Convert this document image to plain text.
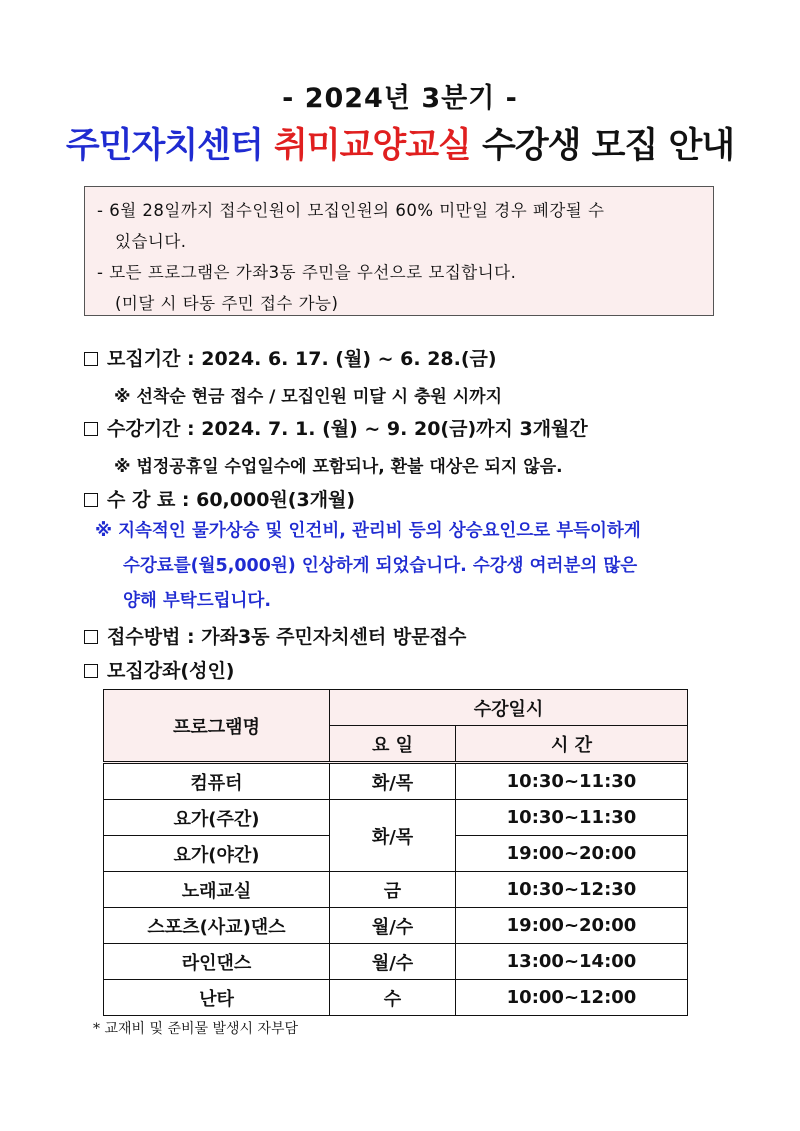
- 2024년 3분기 -
주민자치센터 취미교양교실 수강생 모집 안내
- 6월 28일까지 접수인원이 모집인원의 60% 미만일 경우 폐강될 수
있습니다.
- 모든 프로그램은 가좌3동 주민을 우선으로 모집합니다.
(미달 시 타동 주민 접수 가능)
모집기간 : 2024. 6. 17. (월) ~ 6. 28.(금)
※ 선착순 현금 접수 / 모집인원 미달 시 충원 시까지
수강기간 : 2024. 7. 1. (월) ~ 9. 20(금)까지 3개월간
※ 법정공휴일 수업일수에 포함되나, 환불 대상은 되지 않음.
수 강 료 : 60,000원(3개월)
※ 지속적인 물가상승 및 인건비, 관리비 등의 상승요인으로 부득이하게
수강료를(월5,000원) 인상하게 되었습니다. 수강생 여러분의 많은
양해 부탁드립니다.
접수방법 : 가좌3동 주민자치센터 방문접수
모집강좌(성인)
프로그램명	수강일시	
	요 일	시 간
컴퓨터	화/목	10:30~11:30
요가(주간)	화/목	10:30~11:30
요가(야간)		19:00~20:00
노래교실	금	10:30~12:30
스포츠(사교)댄스	월/수	19:00~20:00
라인댄스	월/수	13:00~14:00
난타	수	10:00~12:00
* 교재비 및 준비물 발생시 자부담
